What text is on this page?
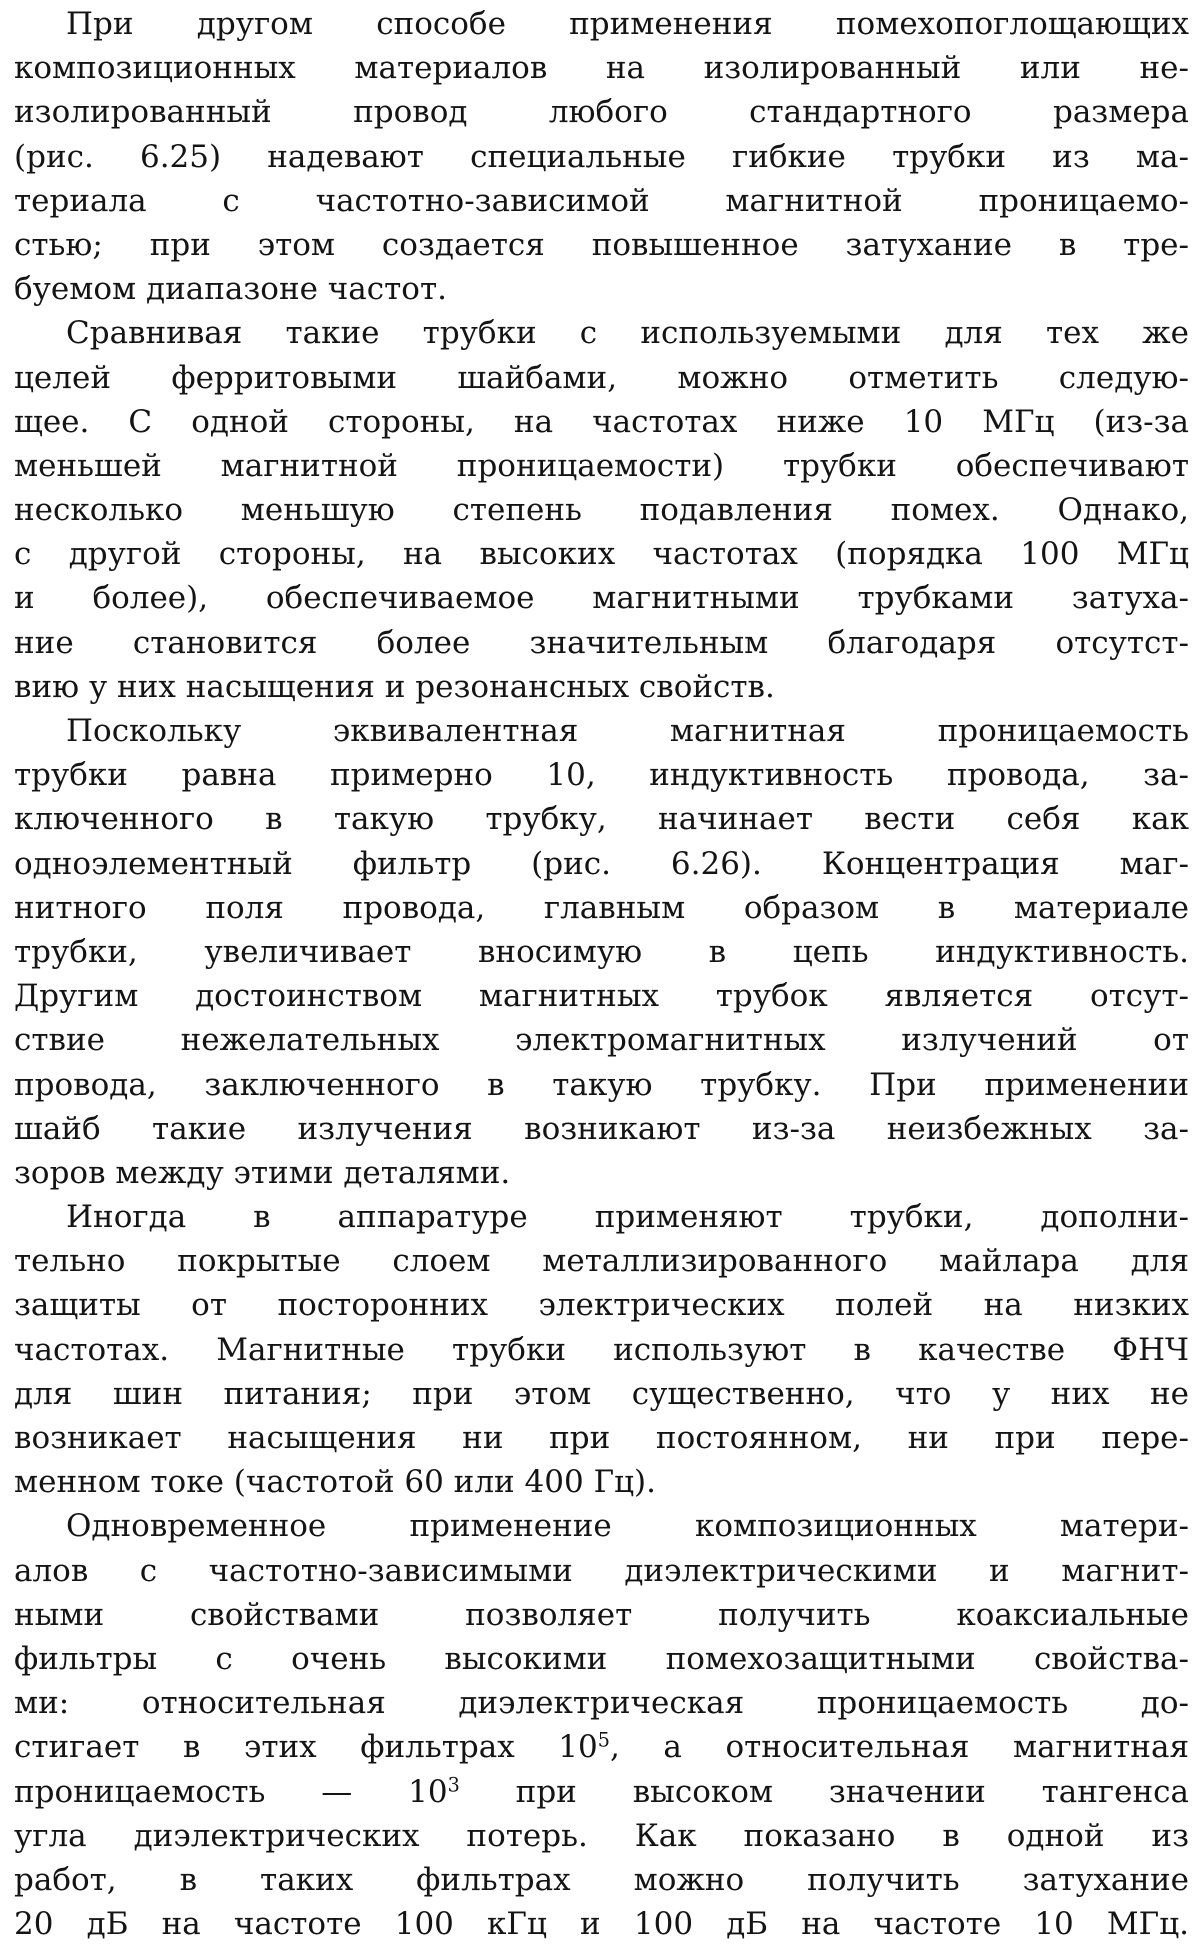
При другом способе применения помехопоглощающих
композиционных материалов на изолированный или не-
изолированный провод любого стандартного размера
(рис. 6.25) надевают специальные гибкие трубки из ма-
териала с частотно-зависимой магнитной проницаемо-
стью; при этом создается повышенное затухание в тре-
буемом диапазоне частот.
Сравнивая такие трубки с используемыми для тех же
целей ферритовыми шайбами, можно отметить следую-
щее. С одной стороны, на частотах ниже 10 МГц (из-за
меньшей магнитной проницаемости) трубки обеспечивают
несколько меньшую степень подавления помех. Однако,
с другой стороны, на высоких частотах (порядка 100 МГц
и более), обеспечиваемое магнитными трубками затуха-
ние становится более значительным благодаря отсутст-
вию у них насыщения и резонансных свойств.
Поскольку эквивалентная магнитная проницаемость
трубки равна примерно 10, индуктивность провода, за-
ключенного в такую трубку, начинает вести себя как
одноэлементный фильтр (рис. 6.26). Концентрация маг-
нитного поля провода, главным образом в материале
трубки, увеличивает вносимую в цепь индуктивность.
Другим достоинством магнитных трубок является отсут-
ствие нежелательных электромагнитных излучений от
провода, заключенного в такую трубку. При применении
шайб такие излучения возникают из-за неизбежных за-
зоров между этими деталями.
Иногда в аппаратуре применяют трубки, дополни-
тельно покрытые слоем металлизированного майлара для
защиты от посторонних электрических полей на низких
частотах. Магнитные трубки используют в качестве ФНЧ
для шин питания; при этом существенно, что у них не
возникает насыщения ни при постоянном, ни при пере-
менном токе (частотой 60 или 400 Гц).
Одновременное применение композиционных матери-
алов с частотно-зависимыми диэлектрическими и магнит-
ными свойствами позволяет получить коаксиальные
фильтры с очень высокими помехозащитными свойства-
ми: относительная диэлектрическая проницаемость до-
стигает в этих фильтрах $10^5$, а относительная магнитная
проницаемость — $10^3$ при высоком значении тангенса
угла диэлектрических потерь. Как показано в одной из
работ, в таких фильтрах можно получить затухание
20 дБ на частоте 100 кГц и 100 дБ на частоте 10 МГц.
